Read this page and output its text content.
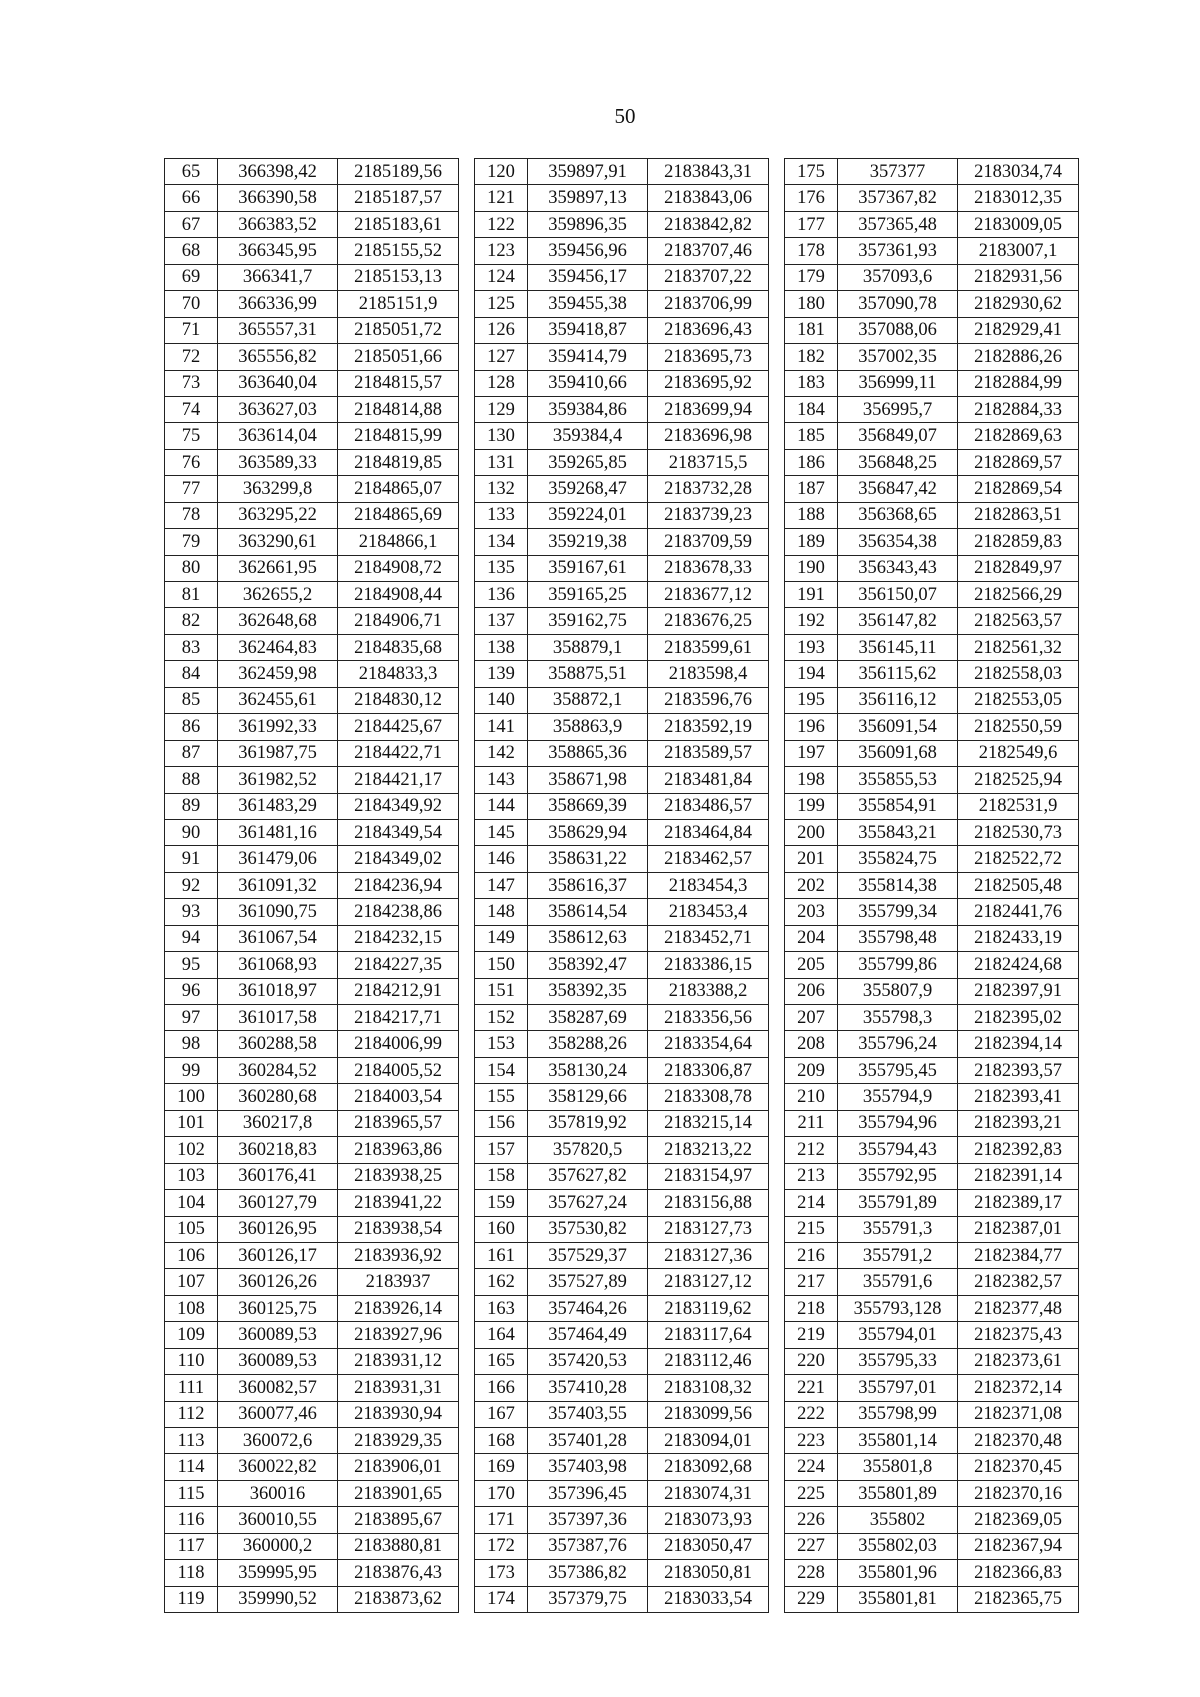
50
65	366398,42	2185189,56
66	366390,58	2185187,57
67	366383,52	2185183,61
68	366345,95	2185155,52
69	366341,7	2185153,13
70	366336,99	2185151,9
71	365557,31	2185051,72
72	365556,82	2185051,66
73	363640,04	2184815,57
74	363627,03	2184814,88
75	363614,04	2184815,99
76	363589,33	2184819,85
77	363299,8	2184865,07
78	363295,22	2184865,69
79	363290,61	2184866,1
80	362661,95	2184908,72
81	362655,2	2184908,44
82	362648,68	2184906,71
83	362464,83	2184835,68
84	362459,98	2184833,3
85	362455,61	2184830,12
86	361992,33	2184425,67
87	361987,75	2184422,71
88	361982,52	2184421,17
89	361483,29	2184349,92
90	361481,16	2184349,54
91	361479,06	2184349,02
92	361091,32	2184236,94
93	361090,75	2184238,86
94	361067,54	2184232,15
95	361068,93	2184227,35
96	361018,97	2184212,91
97	361017,58	2184217,71
98	360288,58	2184006,99
99	360284,52	2184005,52
100	360280,68	2184003,54
101	360217,8	2183965,57
102	360218,83	2183963,86
103	360176,41	2183938,25
104	360127,79	2183941,22
105	360126,95	2183938,54
106	360126,17	2183936,92
107	360126,26	2183937
108	360125,75	2183926,14
109	360089,53	2183927,96
110	360089,53	2183931,12
111	360082,57	2183931,31
112	360077,46	2183930,94
113	360072,6	2183929,35
114	360022,82	2183906,01
115	360016	2183901,65
116	360010,55	2183895,67
117	360000,2	2183880,81
118	359995,95	2183876,43
119	359990,52	2183873,62
120	359897,91	2183843,31
121	359897,13	2183843,06
122	359896,35	2183842,82
123	359456,96	2183707,46
124	359456,17	2183707,22
125	359455,38	2183706,99
126	359418,87	2183696,43
127	359414,79	2183695,73
128	359410,66	2183695,92
129	359384,86	2183699,94
130	359384,4	2183696,98
131	359265,85	2183715,5
132	359268,47	2183732,28
133	359224,01	2183739,23
134	359219,38	2183709,59
135	359167,61	2183678,33
136	359165,25	2183677,12
137	359162,75	2183676,25
138	358879,1	2183599,61
139	358875,51	2183598,4
140	358872,1	2183596,76
141	358863,9	2183592,19
142	358865,36	2183589,57
143	358671,98	2183481,84
144	358669,39	2183486,57
145	358629,94	2183464,84
146	358631,22	2183462,57
147	358616,37	2183454,3
148	358614,54	2183453,4
149	358612,63	2183452,71
150	358392,47	2183386,15
151	358392,35	2183388,2
152	358287,69	2183356,56
153	358288,26	2183354,64
154	358130,24	2183306,87
155	358129,66	2183308,78
156	357819,92	2183215,14
157	357820,5	2183213,22
158	357627,82	2183154,97
159	357627,24	2183156,88
160	357530,82	2183127,73
161	357529,37	2183127,36
162	357527,89	2183127,12
163	357464,26	2183119,62
164	357464,49	2183117,64
165	357420,53	2183112,46
166	357410,28	2183108,32
167	357403,55	2183099,56
168	357401,28	2183094,01
169	357403,98	2183092,68
170	357396,45	2183074,31
171	357397,36	2183073,93
172	357387,76	2183050,47
173	357386,82	2183050,81
174	357379,75	2183033,54
175	357377	2183034,74
176	357367,82	2183012,35
177	357365,48	2183009,05
178	357361,93	2183007,1
179	357093,6	2182931,56
180	357090,78	2182930,62
181	357088,06	2182929,41
182	357002,35	2182886,26
183	356999,11	2182884,99
184	356995,7	2182884,33
185	356849,07	2182869,63
186	356848,25	2182869,57
187	356847,42	2182869,54
188	356368,65	2182863,51
189	356354,38	2182859,83
190	356343,43	2182849,97
191	356150,07	2182566,29
192	356147,82	2182563,57
193	356145,11	2182561,32
194	356115,62	2182558,03
195	356116,12	2182553,05
196	356091,54	2182550,59
197	356091,68	2182549,6
198	355855,53	2182525,94
199	355854,91	2182531,9
200	355843,21	2182530,73
201	355824,75	2182522,72
202	355814,38	2182505,48
203	355799,34	2182441,76
204	355798,48	2182433,19
205	355799,86	2182424,68
206	355807,9	2182397,91
207	355798,3	2182395,02
208	355796,24	2182394,14
209	355795,45	2182393,57
210	355794,9	2182393,41
211	355794,96	2182393,21
212	355794,43	2182392,83
213	355792,95	2182391,14
214	355791,89	2182389,17
215	355791,3	2182387,01
216	355791,2	2182384,77
217	355791,6	2182382,57
218	355793,128	2182377,48
219	355794,01	2182375,43
220	355795,33	2182373,61
221	355797,01	2182372,14
222	355798,99	2182371,08
223	355801,14	2182370,48
224	355801,8	2182370,45
225	355801,89	2182370,16
226	355802	2182369,05
227	355802,03	2182367,94
228	355801,96	2182366,83
229	355801,81	2182365,75
